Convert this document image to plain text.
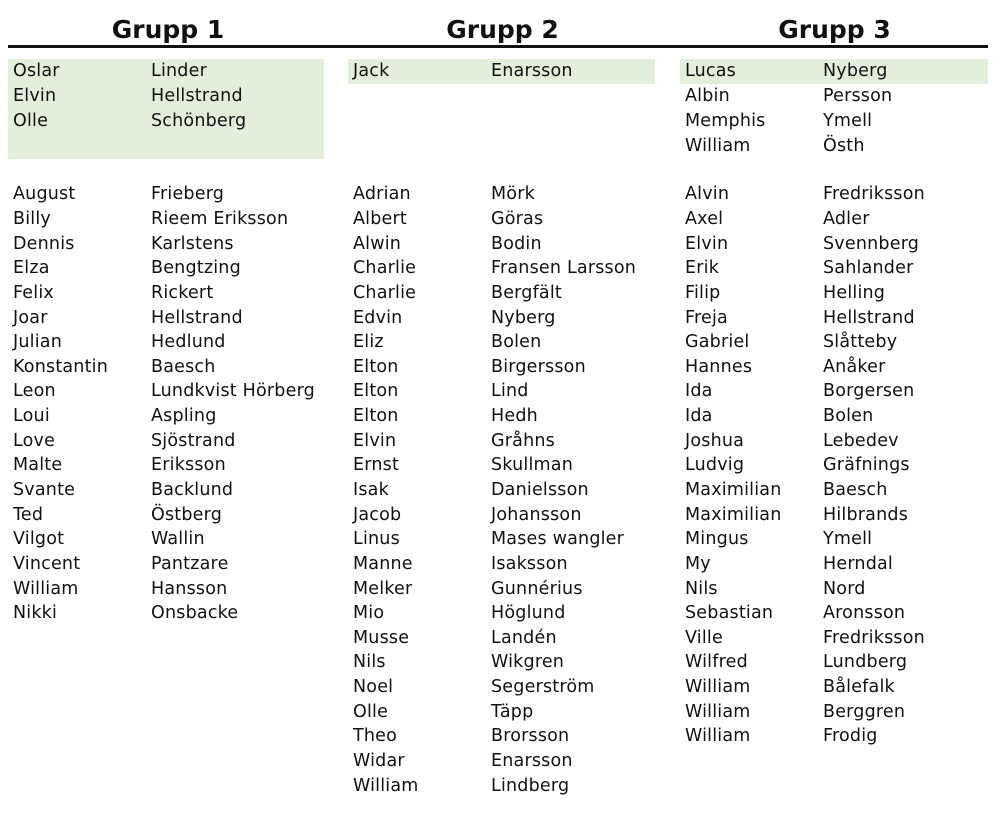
Grupp 1	Grupp 2	Grupp 3
Oslar	Linder
Elvin	Hellstrand
Olle	Schönberg
August	Frieberg
Billy	Rieem Eriksson
Dennis	Karlstens
Elza	Bengtzing
Felix	Rickert
Joar	Hellstrand
Julian	Hedlund
Konstantin	Baesch
Leon	Lundkvist Hörberg
Loui	Aspling
Love	Sjöstrand
Malte	Eriksson
Svante	Backlund
Ted	Östberg
Vilgot	Wallin
Vincent	Pantzare
William	Hansson
Nikki	Onsbacke
Jack	Enarsson
Adrian	Mörk
Albert	Göras
Alwin	Bodin
Charlie	Fransen Larsson
Charlie	Bergfält
Edvin	Nyberg
Eliz	Bolen
Elton	Birgersson
Elton	Lind
Elton	Hedh
Elvin	Gråhns
Ernst	Skullman
Isak	Danielsson
Jacob	Johansson
Linus	Mases wangler
Manne	Isaksson
Melker	Gunnérius
Mio	Höglund
Musse	Landén
Nils	Wikgren
Noel	Segerström
Olle	Täpp
Theo	Brorsson
Widar	Enarsson
William	Lindberg
Lucas	Nyberg
Albin	Persson
Memphis	Ymell
William	Östh
Alvin	Fredriksson
Axel	Adler
Elvin	Svennberg
Erik	Sahlander
Filip	Helling
Freja	Hellstrand
Gabriel	Slåtteby
Hannes	Anåker
Ida	Borgersen
Ida	Bolen
Joshua	Lebedev
Ludvig	Gräfnings
Maximilian	Baesch
Maximilian	Hilbrands
Mingus	Ymell
My	Herndal
Nils	Nord
Sebastian	Aronsson
Ville	Fredriksson
Wilfred	Lundberg
William	Bålefalk
William	Berggren
William	Frodig
